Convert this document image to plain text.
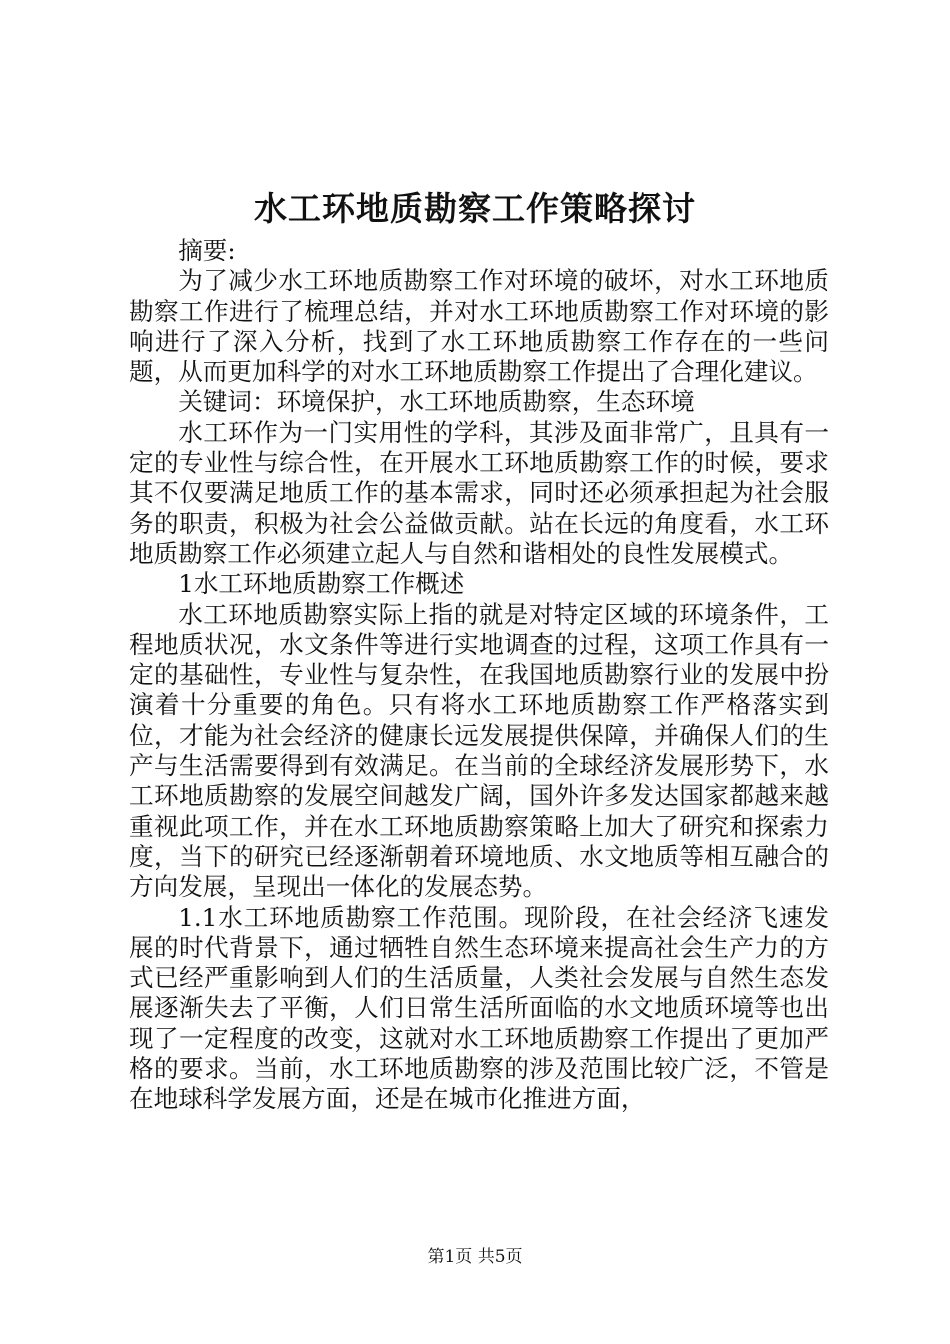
水工环地质勘察工作策略探讨

摘要:

为了减少水工环地质勘察工作对环境的破坏，对水工环地质勘察工作进行了梳理总结，并对水工环地质勘察工作对环境的影响进行了深入分析，找到了水工环地质勘察工作存在的一些问题，从而更加科学的对水工环地质勘察工作提出了合理化建议。

关键词：环境保护，水工环地质勘察，生态环境

水工环作为一门实用性的学科，其涉及面非常广，且具有一定的专业性与综合性，在开展水工环地质勘察工作的时候，要求其不仅要满足地质工作的基本需求，同时还必须承担起为社会服务的职责，积极为社会公益做贡献。站在长远的角度看，水工环地质勘察工作必须建立起人与自然和谐相处的良性发展模式。

1水工环地质勘察工作概述

水工环地质勘察实际上指的就是对特定区域的环境条件，工程地质状况，水文条件等进行实地调查的过程，这项工作具有一定的基础性，专业性与复杂性，在我国地质勘察行业的发展中扮演着十分重要的角色。只有将水工环地质勘察工作严格落实到位，才能为社会经济的健康长远发展提供保障，并确保人们的生产与生活需要得到有效满足。在当前的全球经济发展形势下，水工环地质勘察的发展空间越发广阔，国外许多发达国家都越来越重视此项工作，并在水工环地质勘察策略上加大了研究和探索力度，当下的研究已经逐渐朝着环境地质、水文地质等相互融合的方向发展，呈现出一体化的发展态势。

1.1水工环地质勘察工作范围。现阶段，在社会经济飞速发展的时代背景下，通过牺牲自然生态环境来提高社会生产力的方式已经严重影响到人们的生活质量，人类社会发展与自然生态发展逐渐失去了平衡，人们日常生活所面临的水文地质环境等也出现了一定程度的改变，这就对水工环地质勘察工作提出了更加严格的要求。当前，水工环地质勘察的涉及范围比较广泛，不管是在地球科学发展方面，还是在城市化推进方面，

第1页 共5页
